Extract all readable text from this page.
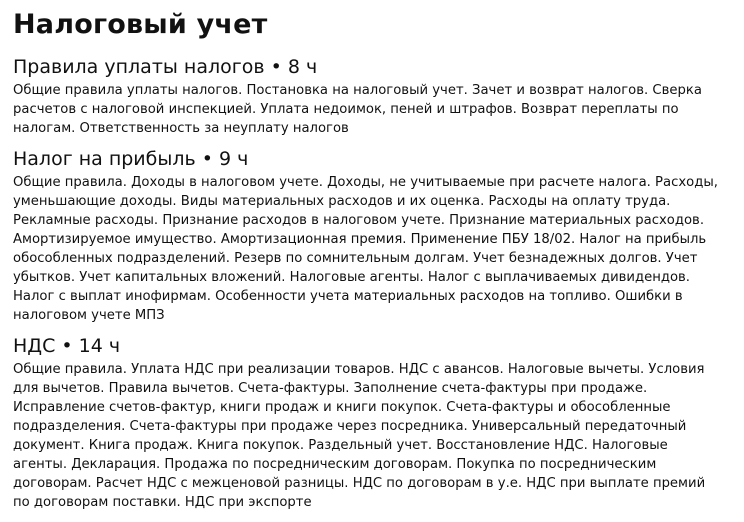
Налоговый учет
Правила уплаты налогов • 8 ч

Общие правила уплаты налогов. Постановка на налоговый учет. Зачет и возврат налогов. Сверка расчетов с налоговой инспекцией. Уплата недоимок, пеней и штрафов. Возврат переплаты по налогам. Ответственность за неуплату налогов

Налог на прибыль • 9 ч

Общие правила. Доходы в налоговом учете. Доходы, не учитываемые при расчете налога. Расходы, уменьшающие доходы. Виды материальных расходов и их оценка. Расходы на оплату труда. Рекламные расходы. Признание расходов в налоговом учете. Признание материальных расходов. Амортизируемое имущество. Амортизационная премия. Применение ПБУ 18/02. Налог на прибыль обособленных подразделений. Резерв по сомнительным долгам. Учет безнадежных долгов. Учет убытков. Учет капитальных вложений. Налоговые агенты. Налог с выплачиваемых дивидендов. Налог с выплат инофирмам. Особенности учета материальных расходов на топливо. Ошибки в налоговом учете МПЗ

НДС • 14 ч

Общие правила. Уплата НДС при реализации товаров. НДС с авансов. Налоговые вычеты. Условия для вычетов. Правила вычетов. Счета-фактуры. Заполнение счета-фактуры при продаже. Исправление счетов-фактур, книги продаж и книги покупок. Счета-фактуры и обособленные подразделения. Счета-фактуры при продаже через посредника. Универсальный передаточный документ. Книга продаж. Книга покупок. Раздельный учет. Восстановление НДС. Налоговые агенты. Декларация. Продажа по посредническим договорам. Покупка по посредническим договорам. Расчет НДС с межценовой разницы. НДС по договорам в у.е. НДС при выплате премий по договорам поставки. НДС при экспорте
